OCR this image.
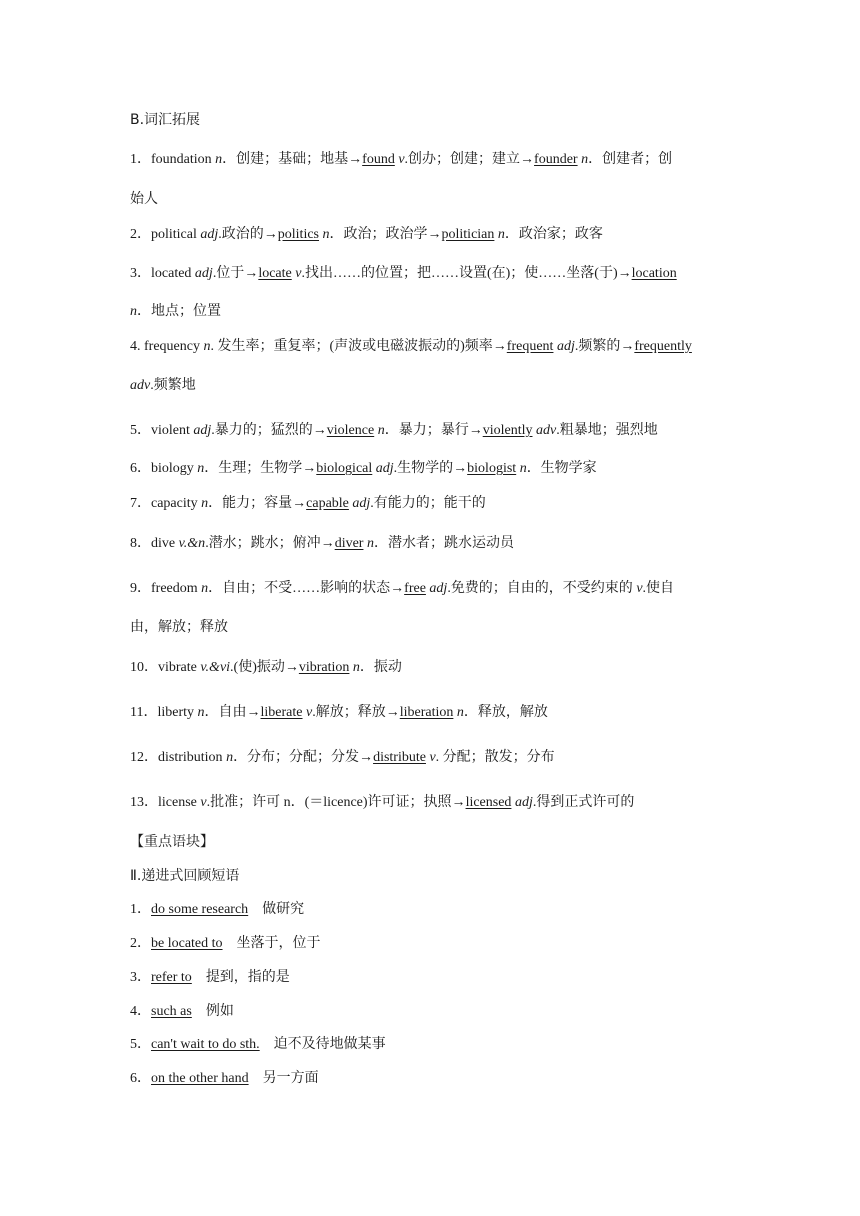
B.词汇拓展
1．foundation n．创建；基础；地基→found v.创办；创建；建立→founder n．创建者；创
始人
2．political adj.政治的→politics n．政治；政治学→politician n．政治家；政客
3．located adj.位于→locate v.找出……的位置；把……设置(在)；使……坐落(于)→location
n．地点；位置
4. frequency n. 发生率；重复率；(声波或电磁波振动的)频率→frequent adj.频繁的→frequently
adv.频繁地
5．violent adj.暴力的；猛烈的→violence n．暴力；暴行→violently adv.粗暴地；强烈地
6．biology n．生理；生物学→biological adj.生物学的→biologist n．生物学家
7．capacity n．能力；容量→capable adj.有能力的；能干的
8．dive v.&n.潜水；跳水；俯冲→diver n．潜水者；跳水运动员
9．freedom n．自由；不受……影响的状态→free adj.免费的；自由的，不受约束的 v.使自
由，解放；释放
10．vibrate v.&vi.(使)振动→vibration n．振动
11．liberty n．自由→liberate v.解放；释放→liberation n．释放，解放
12．distribution n．分布；分配；分发→distribute v. 分配；散发；分布
13．license v.批准；许可 n．(＝licence)许可证；执照→licensed adj.得到正式许可的
【重点语块】
Ⅱ.递进式回顾短语
1．do some research 做研究
2．be located to 坐落于，位于
3．refer to 提到，指的是
4．such as 例如
5．can't wait to do sth. 迫不及待地做某事
6．on the other hand 另一方面
